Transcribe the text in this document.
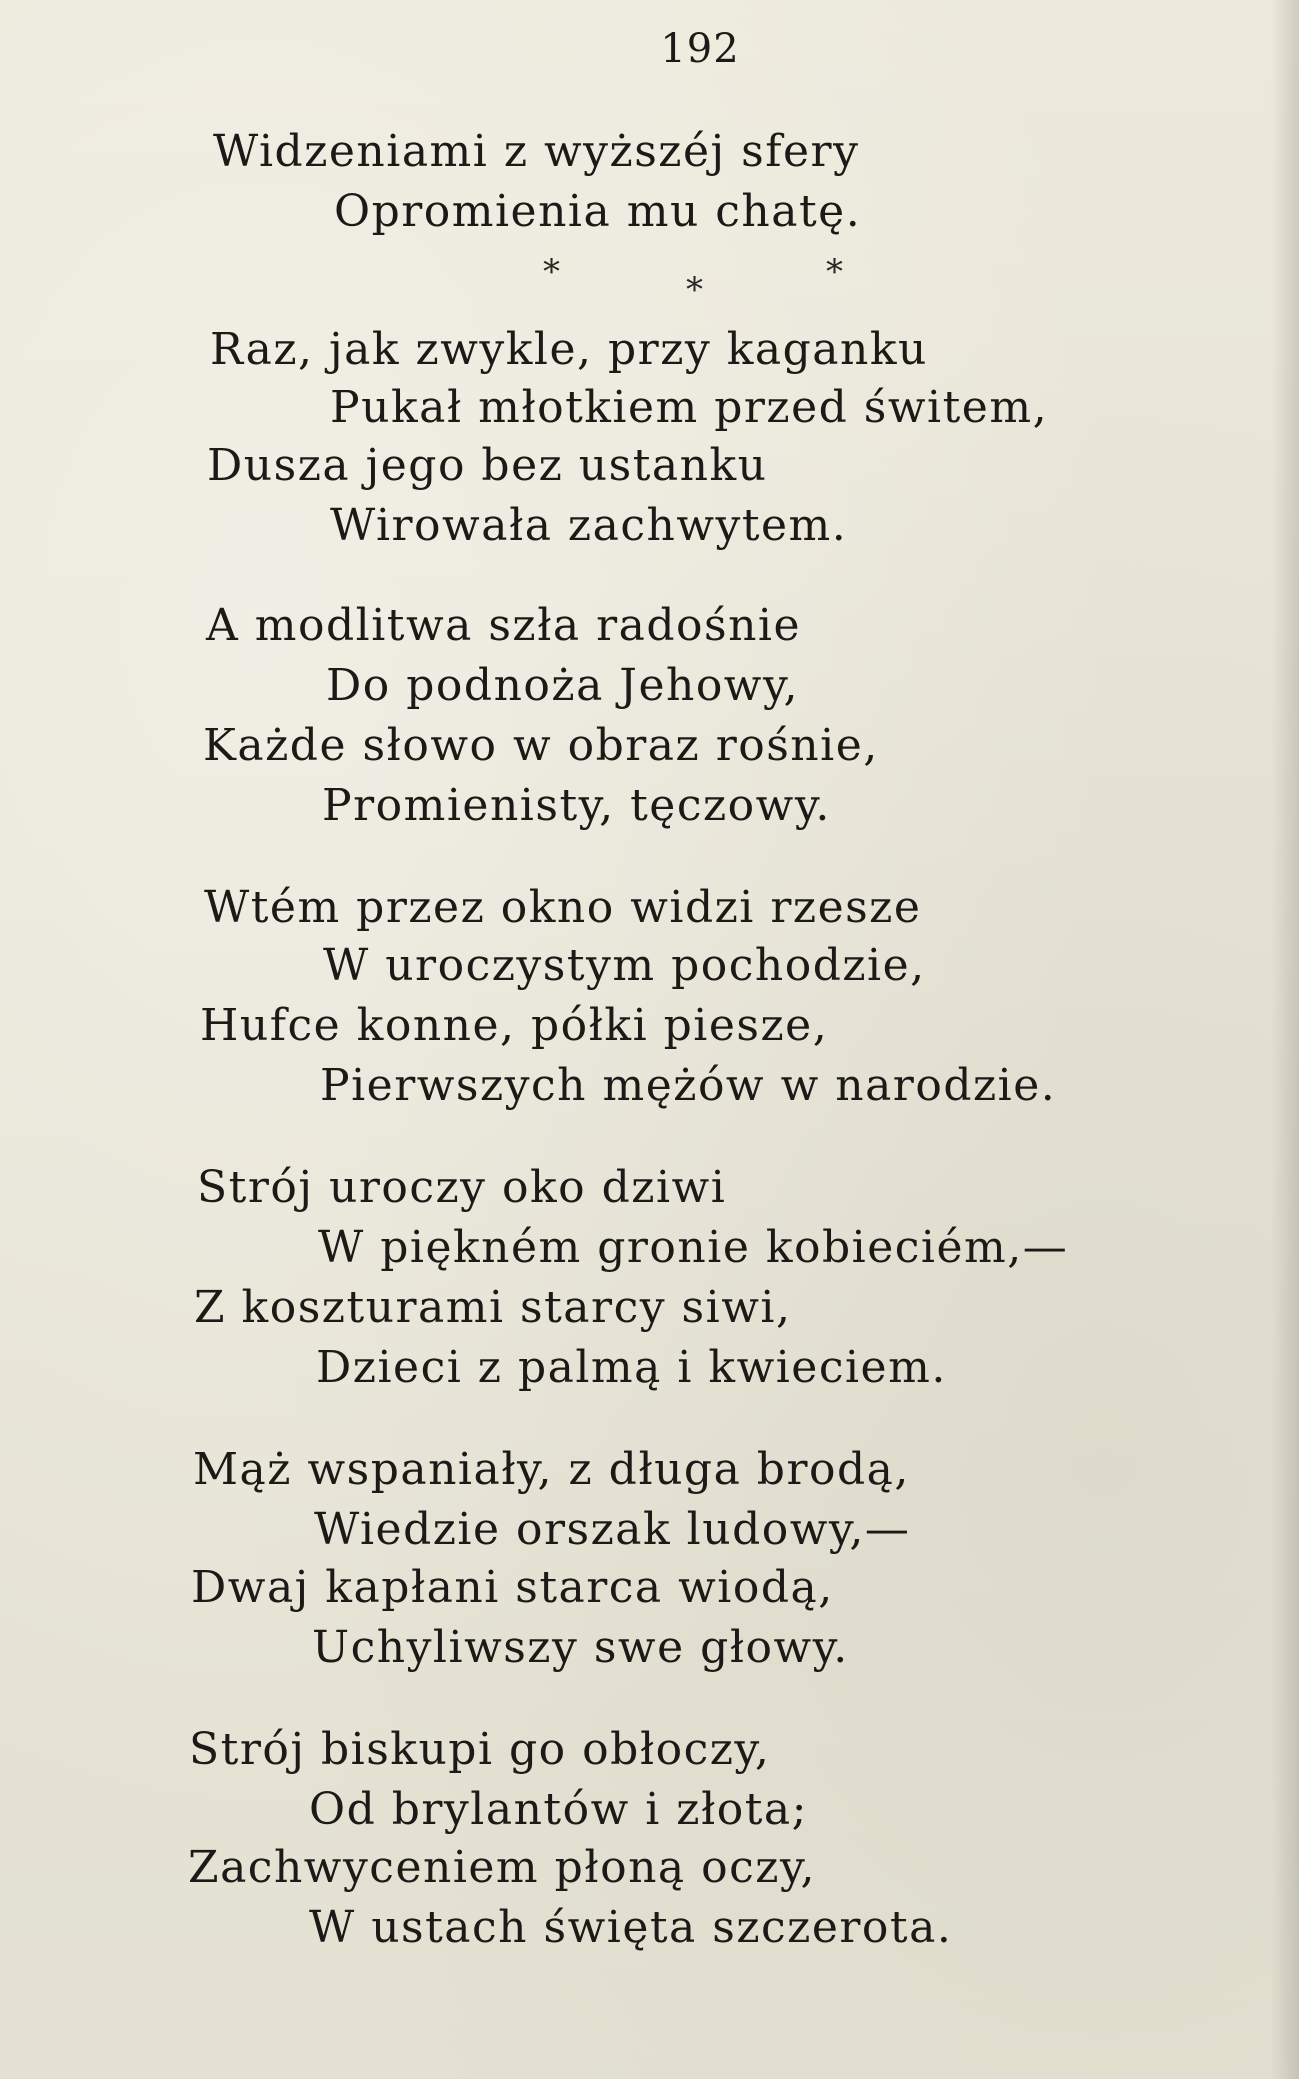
192
Widzeniami z wyższéj sfery
Opromienia mu chatę.
*	*	*
Raz, jak zwykle, przy kaganku
Pukał młotkiem przed świtem,
Dusza jego bez ustanku
Wirowała zachwytem.
A modlitwa szła radośnie
Do podnoża Jehowy,
Każde słowo w obraz rośnie,
Promienisty, tęczowy.
Wtém przez okno widzi rzesze
W uroczystym pochodzie,
Hufce konne, półki piesze,
Pierwszych mężów w narodzie.
Strój uroczy oko dziwi
W piękném gronie kobieciém,—
Z koszturami starcy siwi,
Dzieci z palmą i kwieciem.
Mąż wspaniały, z długa brodą,
Wiedzie orszak ludowy,—
Dwaj kapłani starca wiodą,
Uchyliwszy swe głowy.
Strój biskupi go obłoczy,
Od brylantów i złota;
Zachwyceniem płoną oczy,
W ustach święta szczerota.
